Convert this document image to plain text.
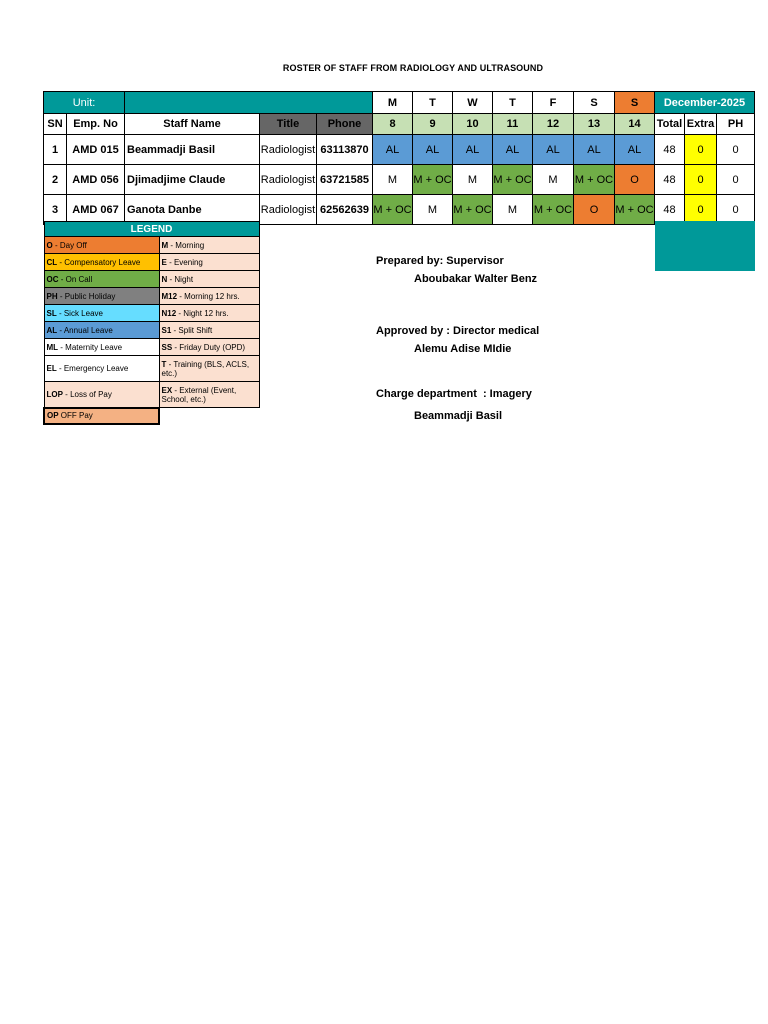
ROSTER OF STAFF FROM RADIOLOGY AND ULTRASOUND
Unit:					M	T	W	T	F	S	S	December-2025		
SN	Emp. No	Staff Name	Title	Phone	8	9	10	11	12	13	14	Total	Extra	PH
1	AMD 015	Beammadji Basil	Radiologist	63113870	AL	AL	AL	AL	AL	AL	AL	48	0	0
2	AMD 056	Djimadjime Claude	Radiologist	63721585	M	M + OC	M	M + OC	M	M + OC	O	48	0	0
3	AMD 067	Ganota Danbe	Radiologist	62562639	M + OC	M	M + OC	M	M + OC	O	M + OC	48	0	0
LEGEND	
O - Day Off	M - Morning
CL - Compensatory Leave	E - Evening
OC - On Call	N - Night
PH - Public Holiday	M12 - Morning 12 hrs.
SL - Sick Leave	N12 - Night 12 hrs.
AL - Annual Leave	S1 - Split Shift
ML - Maternity Leave	SS - Friday Duty (OPD)
EL - Emergency Leave	T - Training (BLS, ACLS, etc.)
LOP - Loss of Pay	EX - External (Event, School, etc.)
OP OFF Pay	
Prepared by: Supervisor
Aboubakar Walter Benz
Approved by : Director medical
Alemu Adise MIdie
Charge department  : Imagery
Beammadji Basil
